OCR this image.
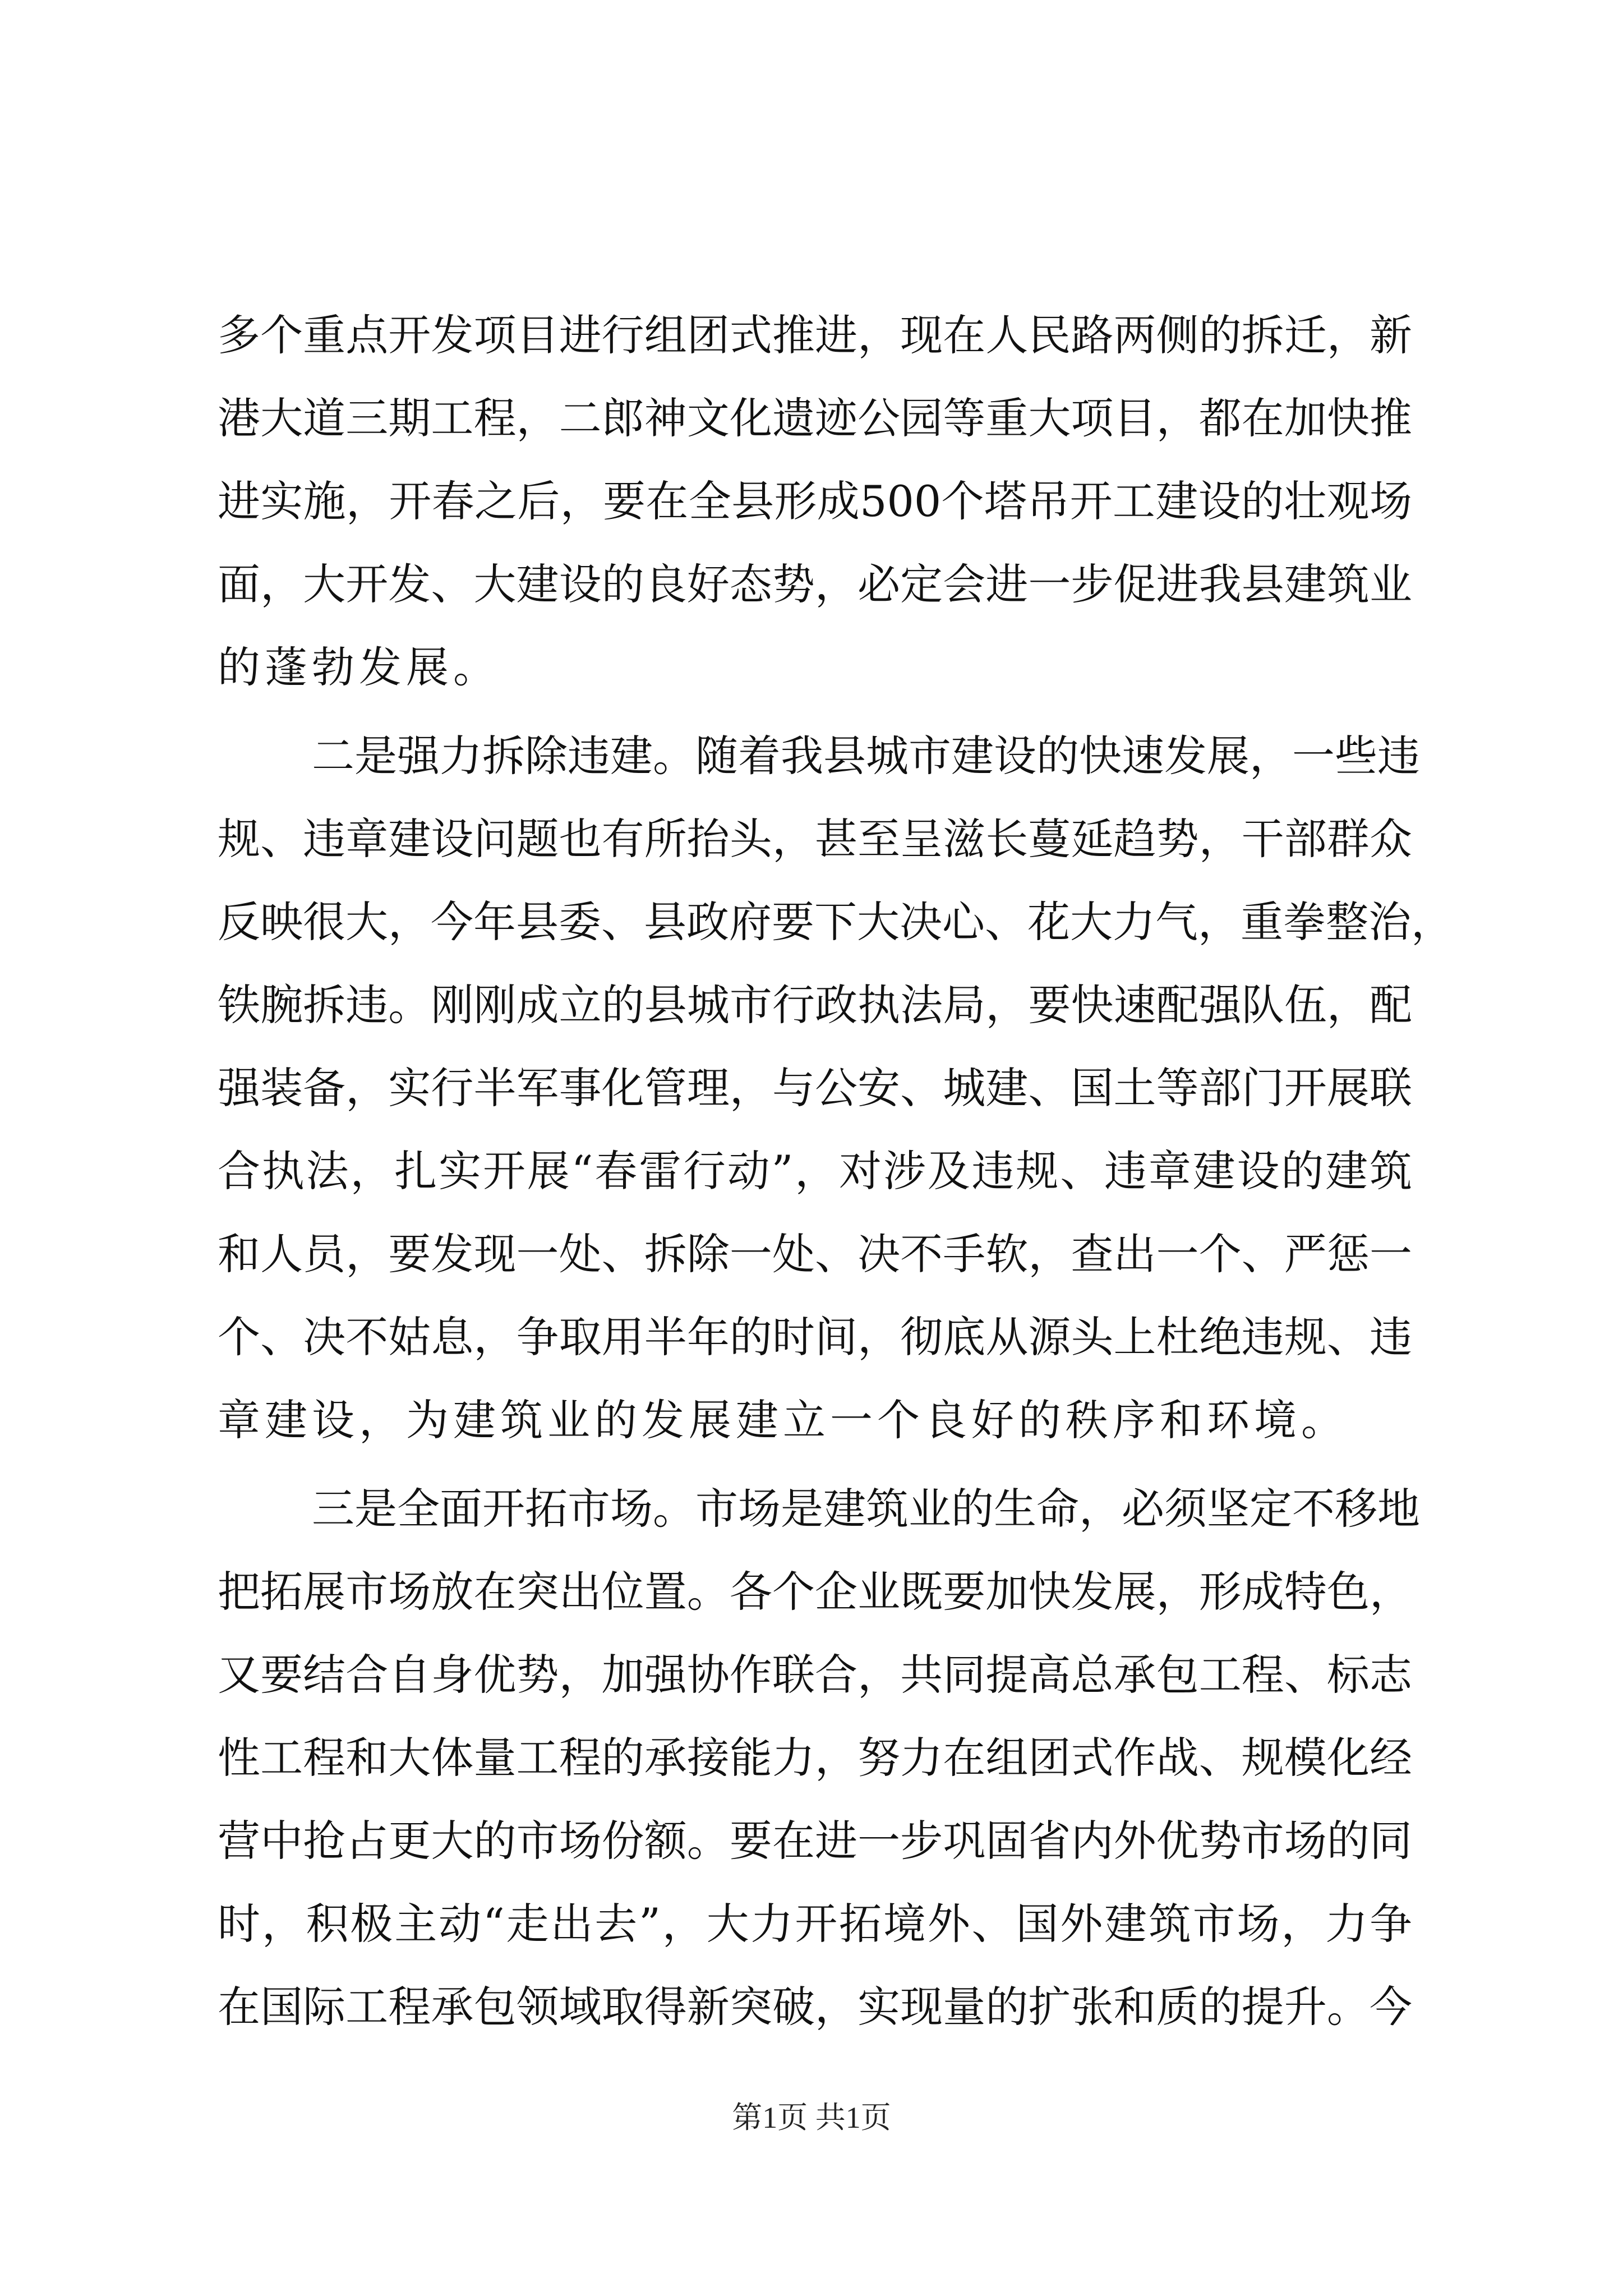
多个重点开发项目进行组团式推进，现在人民路两侧的拆迁，新
港大道三期工程，二郎神文化遗迹公园等重大项目，都在加快推
进实施，开春之后，要在全县形成500个塔吊开工建设的壮观场
面，大开发、大建设的良好态势，必定会进一步促进我县建筑业
的蓬勃发展。
二是强力拆除违建。随着我县城市建设的快速发展，一些违
规、违章建设问题也有所抬头，甚至呈滋长蔓延趋势，干部群众
反映很大，今年县委、县政府要下大决心、花大力气，重拳整治，
铁腕拆违。刚刚成立的县城市行政执法局，要快速配强队伍，配
强装备，实行半军事化管理，与公安、城建、国土等部门开展联
合执法，扎实开展“春雷行动”，对涉及违规、违章建设的建筑
和人员，要发现一处、拆除一处、决不手软，查出一个、严惩一
个、决不姑息，争取用半年的时间，彻底从源头上杜绝违规、违
章建设，为建筑业的发展建立一个良好的秩序和环境。
三是全面开拓市场。市场是建筑业的生命，必须坚定不移地
把拓展市场放在突出位置。各个企业既要加快发展，形成特色，
又要结合自身优势，加强协作联合，共同提高总承包工程、标志
性工程和大体量工程的承接能力，努力在组团式作战、规模化经
营中抢占更大的市场份额。要在进一步巩固省内外优势市场的同
时，积极主动“走出去”，大力开拓境外、国外建筑市场，力争
在国际工程承包领域取得新突破，实现量的扩张和质的提升。今
第1页 共1页
